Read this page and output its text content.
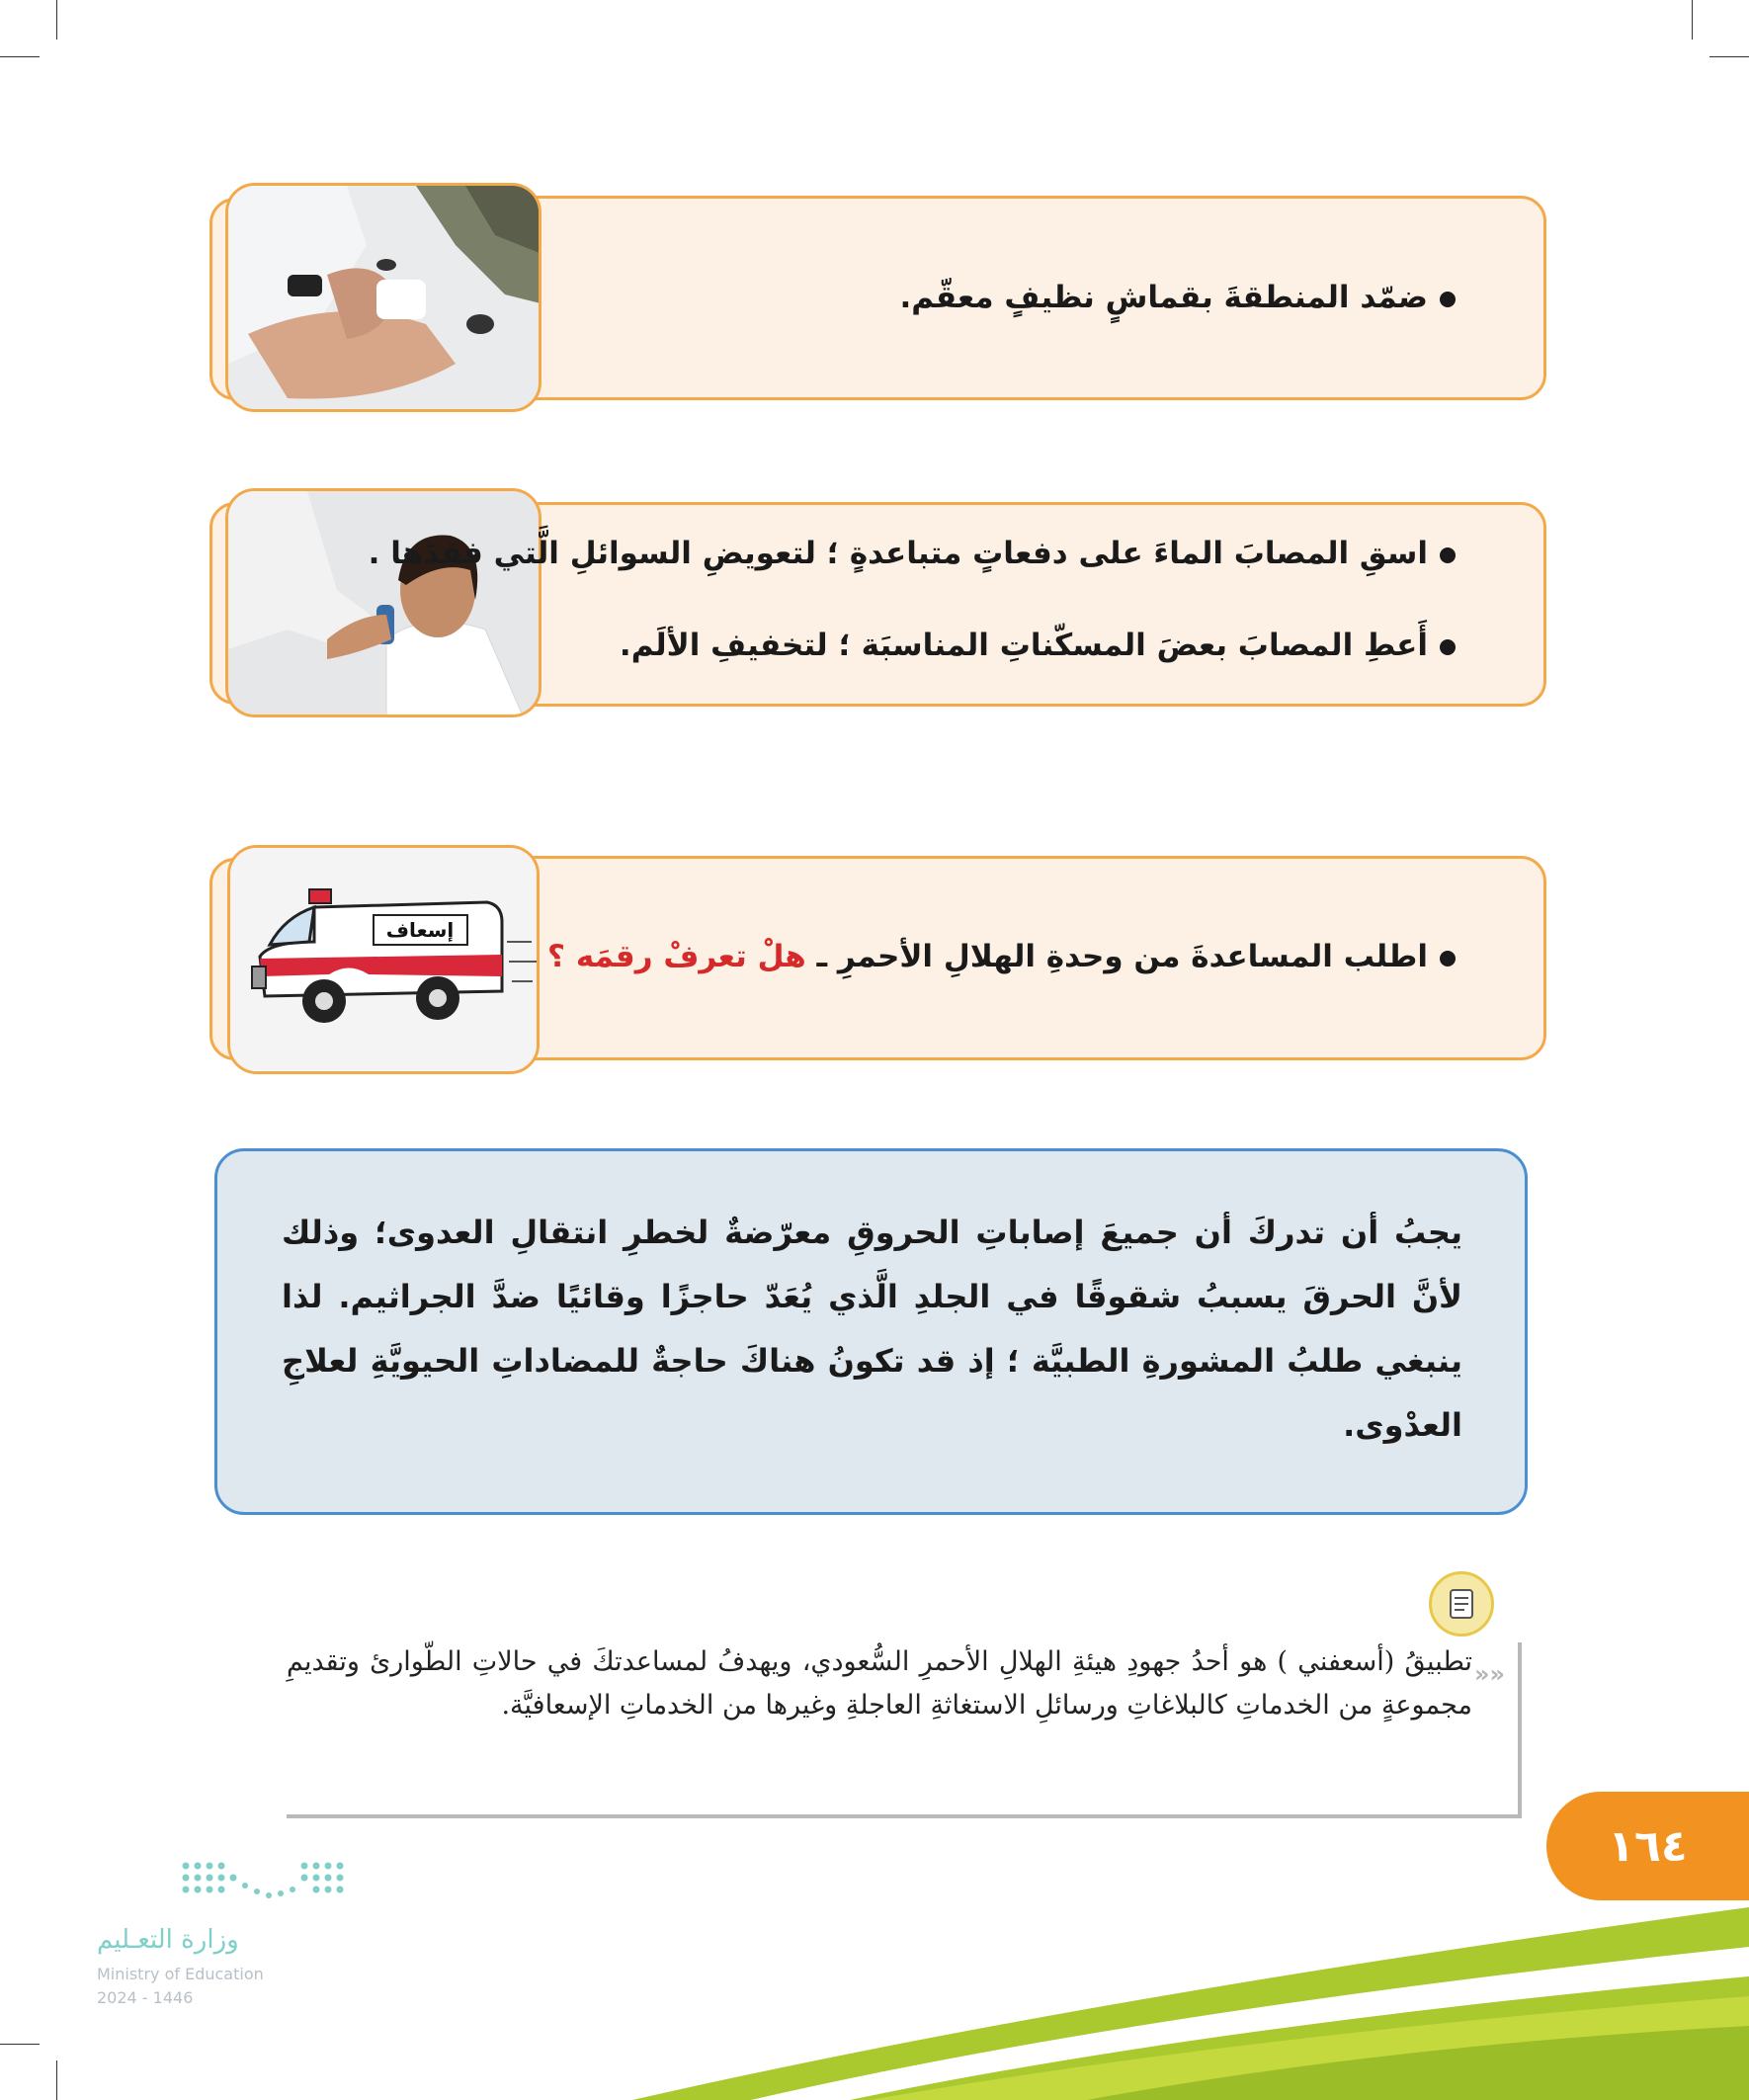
ضمّد المنطقةَ بقماشٍ نظيفٍ معقّم.
اسقِ المصابَ الماءَ على دفعاتٍ متباعدةٍ ؛ لتعويضِ السوائلِ الَّتي فقدَها .
أَعطِ المصابَ بعضَ المسكّناتِ المناسبَة ؛ لتخفيفِ الألَم.
إسعاف
اطلب المساعدةَ من وحدةِ الهلالِ الأحمرِ ـ هلْ تعرفْ رقمَه ؟
يجبُ أن تدركَ أن جميعَ إصاباتِ الحروقِ معرّضةٌ لخطرِ انتقالِ العدوى؛ وذلك لأنَّ الحرقَ يسببُ شقوقًا في الجلدِ الَّذي يُعَدّ حاجزًا وقائيًا ضدَّ الجراثيم. لذا ينبغي طلبُ المشورةِ الطبيَّة ؛ إذ قد تكونُ هناكَ حاجةٌ للمضاداتِ الحيويَّةِ لعلاجِ العدْوى.
»»
تطبيقُ (أسعفني ) هو أحدُ جهودِ هيئةِ الهلالِ الأحمرِ السُّعودي، ويهدفُ لمساعدتكَ في حالاتِ الطّوارئ وتقديمِ مجموعةٍ من الخدماتِ كالبلاغاتِ ورسائلِ الاستغاثةِ العاجلةِ وغيرها من الخدماتِ الإسعافيَّة.
١٦٤
وزارة التعـليم
Ministry of Education
2024 - 1446
